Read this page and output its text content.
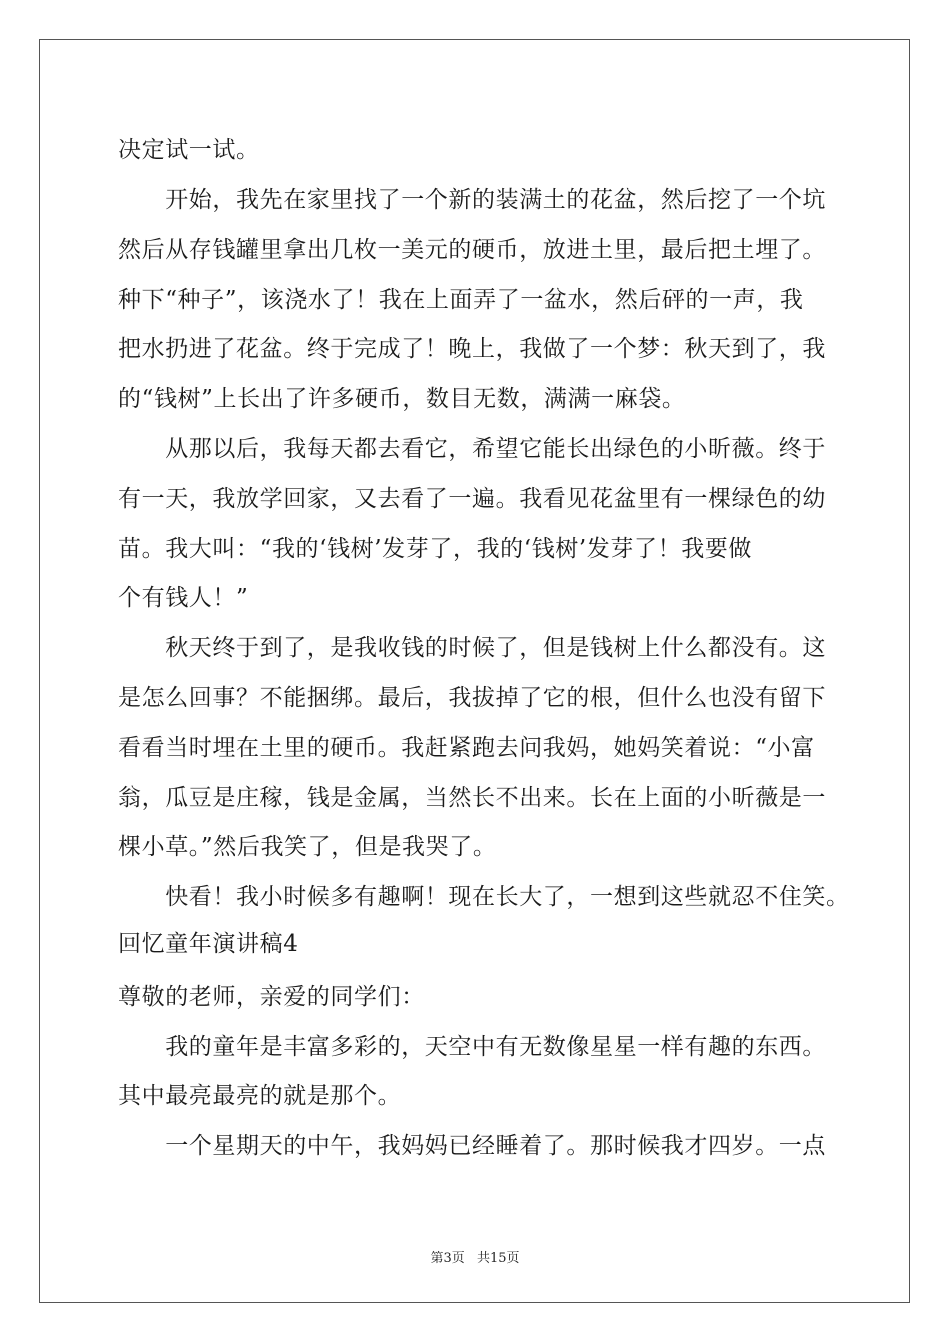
决定试一试。

　　开始，我先在家里找了一个新的装满土的花盆，然后挖了一个坑

然后从存钱罐里拿出几枚一美元的硬币，放进土里，最后把土埋了。

种下“种子”，该浇水了！我在上面弄了一盆水，然后砰的一声，我

把水扔进了花盆。终于完成了！晚上，我做了一个梦：秋天到了，我

的“钱树”上长出了许多硬币，数目无数，满满一麻袋。

　　从那以后，我每天都去看它，希望它能长出绿色的小昕薇。终于

有一天，我放学回家，又去看了一遍。我看见花盆里有一棵绿色的幼

苗。我大叫：“我的‘钱树’发芽了，我的‘钱树’发芽了！我要做

个有钱人！”

　　秋天终于到了，是我收钱的时候了，但是钱树上什么都没有。这

是怎么回事？不能捆绑。最后，我拔掉了它的根，但什么也没有留下

看看当时埋在土里的硬币。我赶紧跑去问我妈，她妈笑着说：“小富

翁，瓜豆是庄稼，钱是金属，当然长不出来。长在上面的小昕薇是一

棵小草。”然后我笑了，但是我哭了。

　　快看！我小时候多有趣啊！现在长大了，一想到这些就忍不住笑。

回忆童年演讲稿4

尊敬的老师，亲爱的同学们：

　　我的童年是丰富多彩的，天空中有无数像星星一样有趣的东西。

其中最亮最亮的就是那个。

　　一个星期天的中午，我妈妈已经睡着了。那时候我才四岁。一点

第3页 共15页
